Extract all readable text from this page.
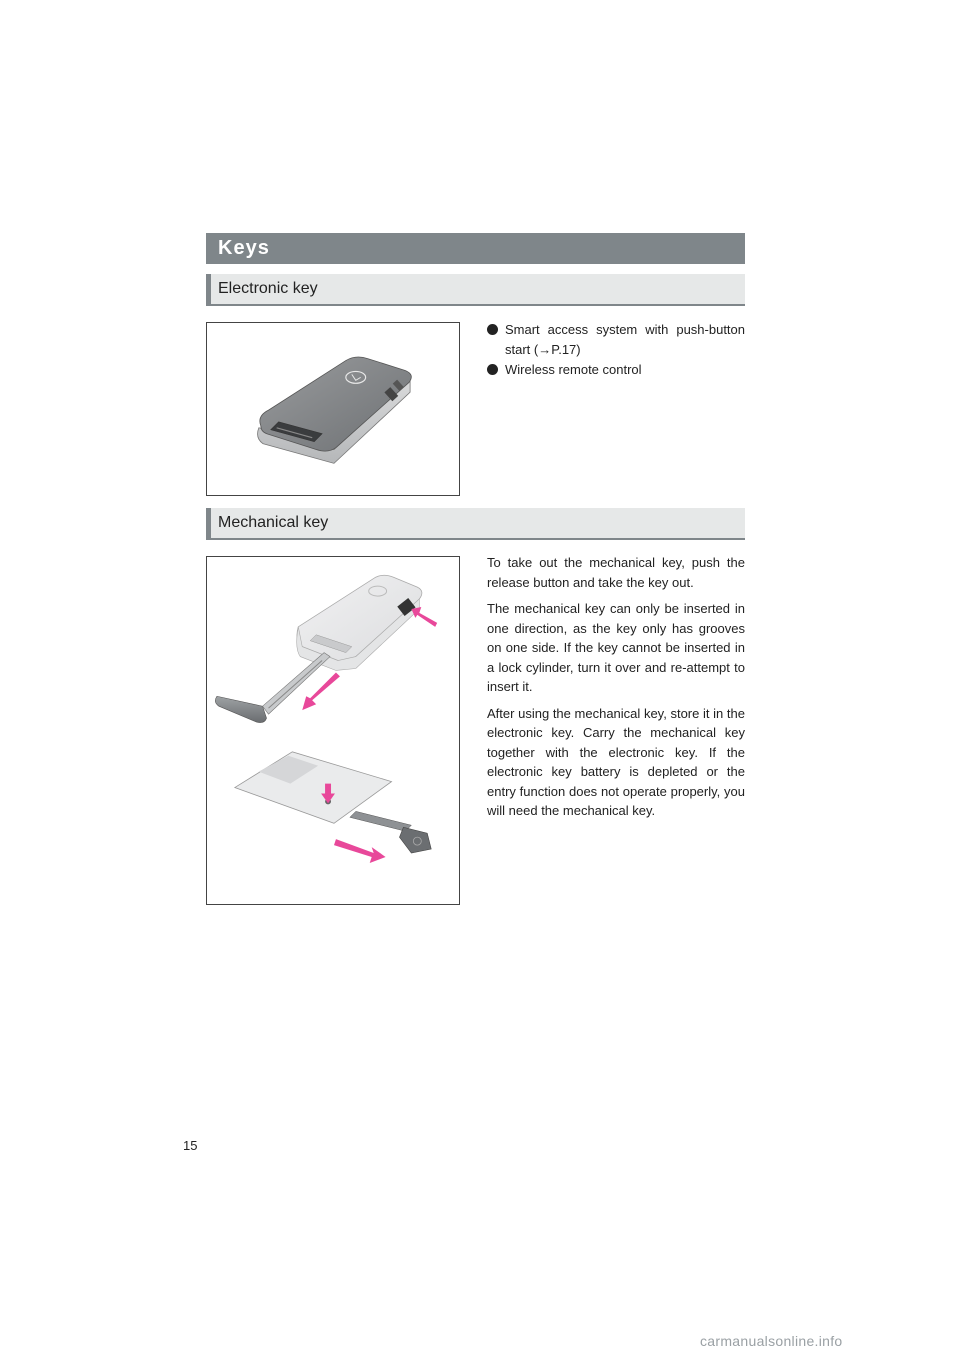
Keys
Electronic key
Smart access system with push-button start (→P.17)
Wireless remote control
Mechanical key

To take out the mechanical key, push the release button and take the key out.

The mechanical key can only be inserted in one direction, as the key only has grooves on one side. If the key cannot be inserted in a lock cylinder, turn it over and re-attempt to insert it.

After using the mechanical key, store it in the electronic key. Carry the mechanical key together with the electronic key. If the electronic key battery is depleted or the entry function does not operate properly, you will need the mechanical key.

15
carmanualsonline.info
